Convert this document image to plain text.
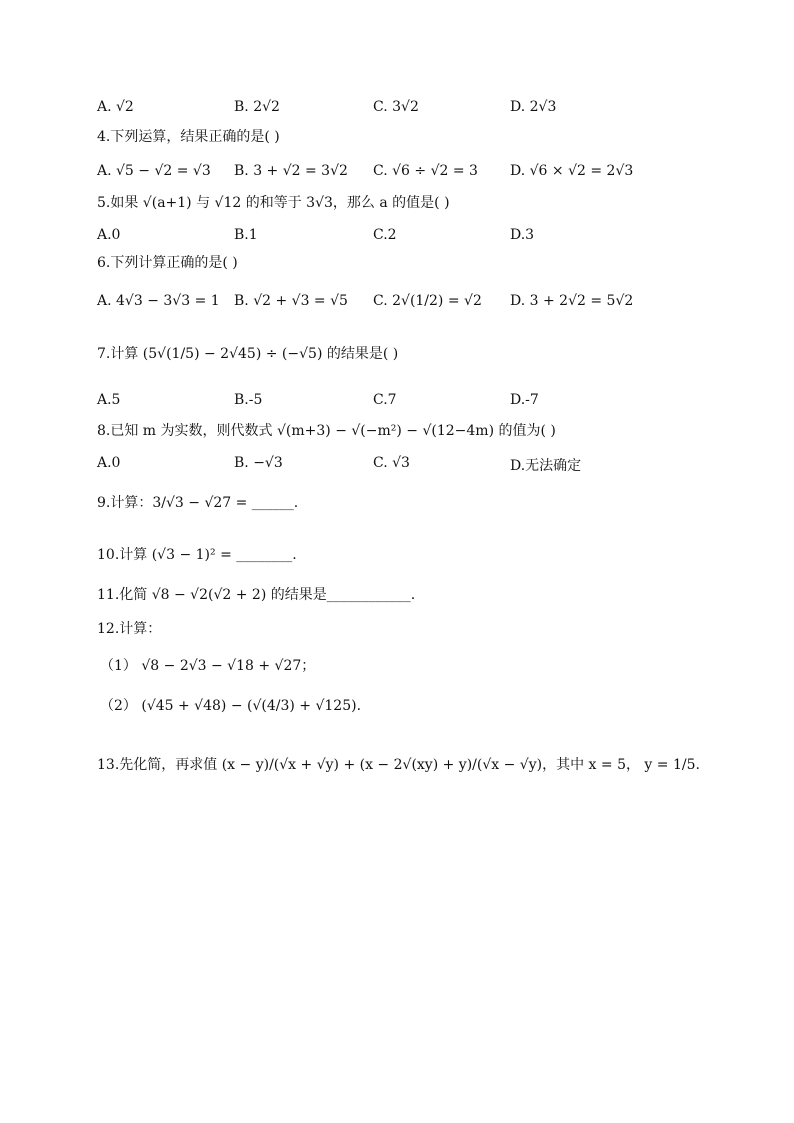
A. √2	B. 2√2	C. 3√2	D. 2√3
4.下列运算，结果正确的是( )
A. √5 − √2 = √3 B. 3 + √2 = 3√2 C. √6 ÷ √2 = 3 D. √6 × √2 = 2√3
5.如果 √(a+1) 与 √12 的和等于 3√3，那么 a 的值是( )
A.0	B.1	C.2	D.3
6.下列计算正确的是( )
A. 4√3 − 3√3 = 1 B. √2 + √3 = √5 C. 2√(1/2) = √2 D. 3 + 2√2 = 5√2
7.计算 (5√(1/5) − 2√45) ÷ (−√5) 的结果是( )
A.5	B.-5	C.7	D.-7
8.已知 m 为实数，则代数式 √(m+3) − √(−m²) − √(12−4m) 的值为( )
A.0	B. −√3	C. √3	D.无法确定
9.计算：3/√3 − √27 = ______.
10.计算 (√3 − 1)² = ________.
11.化简 √8 − √2(√2 + 2) 的结果是____________.
12.计算：
（1） √8 − 2√3 − √18 + √27；
（2） (√45 + √48) − (√(4/3) + √125).
13.先化简，再求值 (x − y)/(√x + √y) + (x − 2√(xy) + y)/(√x − √y)，其中 x = 5， y = 1/5.
